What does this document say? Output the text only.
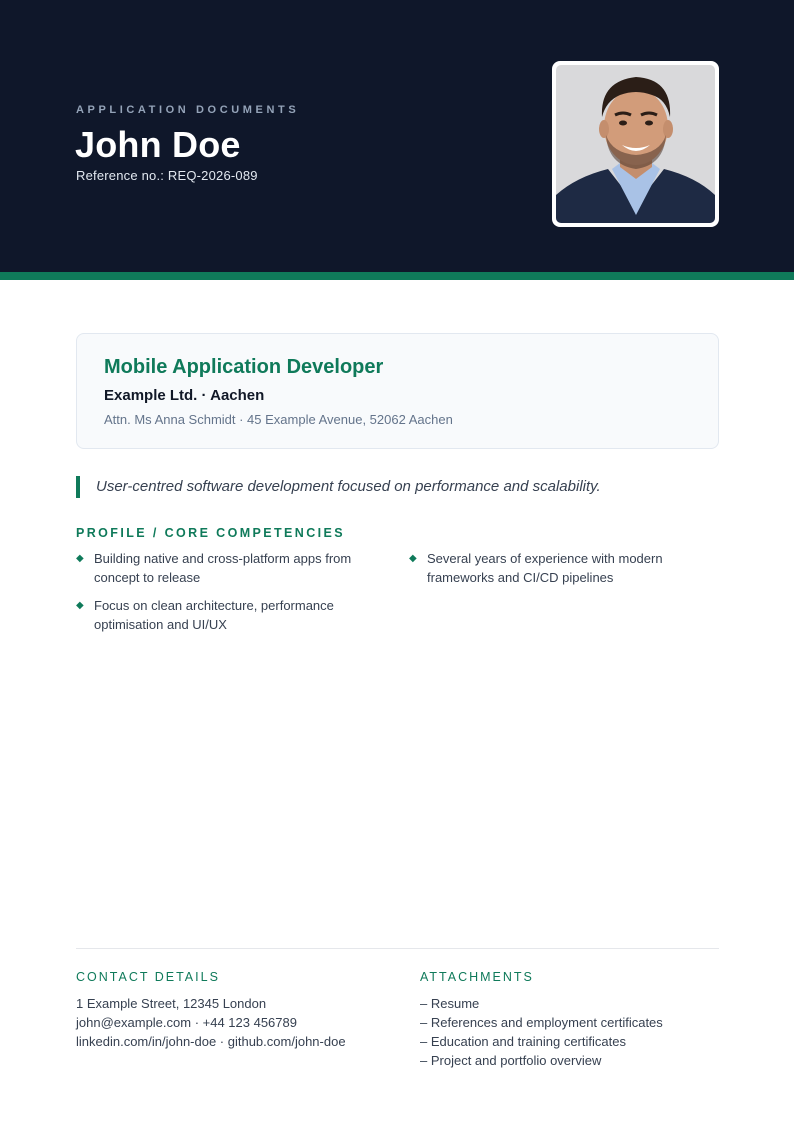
APPLICATION DOCUMENTS
John Doe
Reference no.: REQ-2026-089
Mobile Application Developer
Example Ltd. · Aachen
Attn. Ms Anna Schmidt · 45 Example Avenue, 52062 Aachen
User-centred software development focused on performance and scalability.
PROFILE / CORE COMPETENCIES
◆ Building native and cross-platform apps from concept to release
◆ Focus on clean architecture, performance optimisation and UI/UX
◆ Several years of experience with modern frameworks and CI/CD pipelines
CONTACT DETAILS
1 Example Street, 12345 London
john@example.com · +44 123 456789
linkedin.com/in/john-doe · github.com/john-doe
ATTACHMENTS
– Resume
– References and employment certificates
– Education and training certificates
– Project and portfolio overview
